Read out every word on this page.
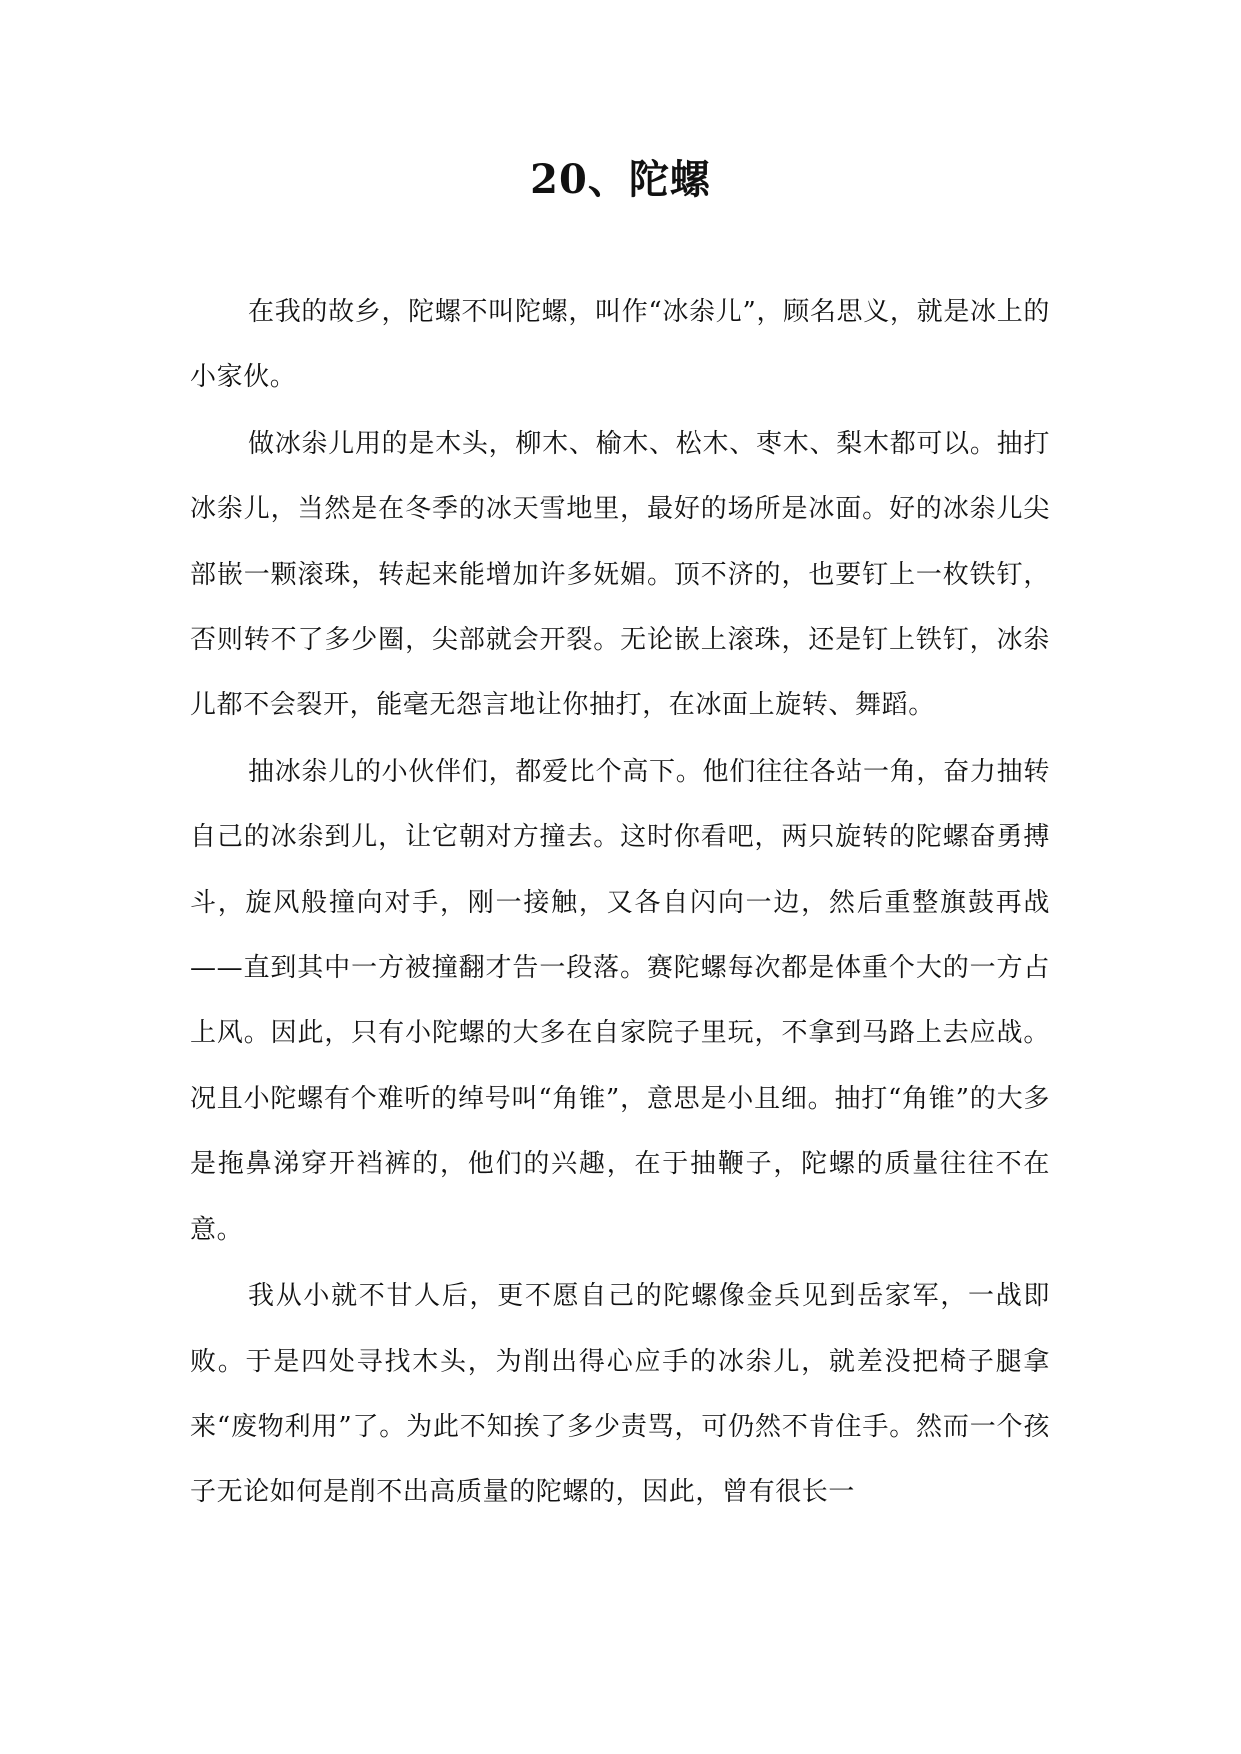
20、陀螺

在我的故乡，陀螺不叫陀螺，叫作“冰尜儿”，顾名思义，就是冰上的小家伙。

做冰尜儿用的是木头，柳木、榆木、松木、枣木、梨木都可以。抽打冰尜儿，当然是在冬季的冰天雪地里，最好的场所是冰面。好的冰尜儿尖部嵌一颗滚珠，转起来能增加许多妩媚。顶不济的，也要钉上一枚铁钉，否则转不了多少圈，尖部就会开裂。无论嵌上滚珠，还是钉上铁钉，冰尜儿都不会裂开，能毫无怨言地让你抽打，在冰面上旋转、舞蹈。

抽冰尜儿的小伙伴们，都爱比个高下。他们往往各站一角，奋力抽转自己的冰尜到儿，让它朝对方撞去。这时你看吧，两只旋转的陀螺奋勇搏斗，旋风般撞向对手，刚一接触，又各自闪向一边，然后重整旗鼓再战——直到其中一方被撞翻才告一段落。赛陀螺每次都是体重个大的一方占上风。因此，只有小陀螺的大多在自家院子里玩，不拿到马路上去应战。况且小陀螺有个难听的绰号叫“角锥”，意思是小且细。抽打“角锥”的大多是拖鼻涕穿开裆裤的，他们的兴趣，在于抽鞭子，陀螺的质量往往不在意。

我从小就不甘人后，更不愿自己的陀螺像金兵见到岳家军，一战即败。于是四处寻找木头，为削出得心应手的冰尜儿，就差没把椅子腿拿来“废物利用”了。为此不知挨了多少责骂，可仍然不肯住手。然而一个孩子无论如何是削不出高质量的陀螺的，因此，曾有很长一
